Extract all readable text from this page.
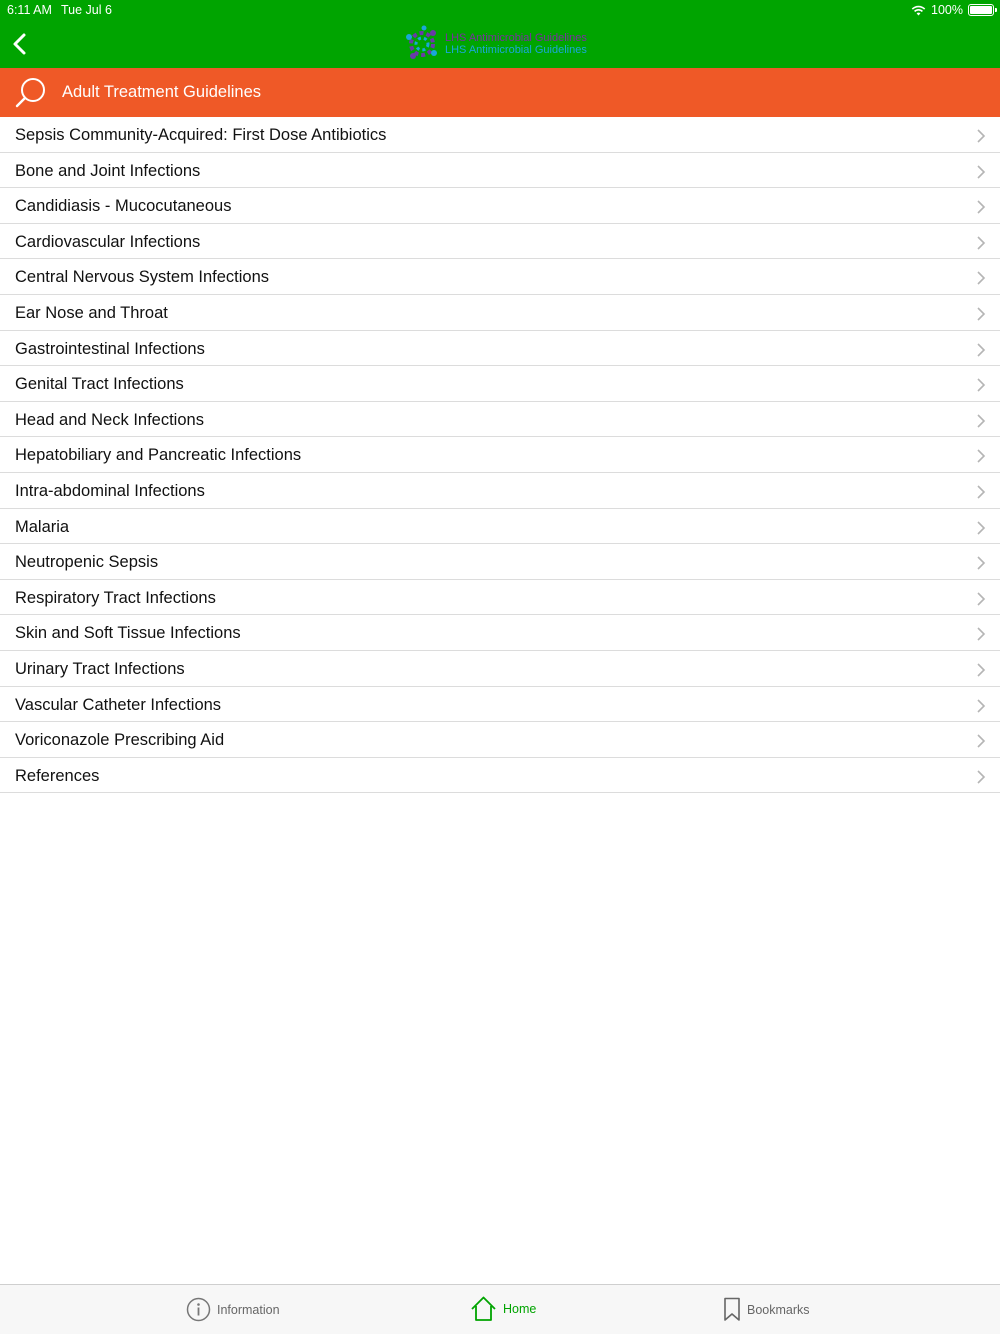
6:11 AM Tue Jul 6	100%
LHS Antimicrobial Guidelines
LHS Antimicrobial Guidelines
Adult Treatment Guidelines
Sepsis Community-Acquired: First Dose Antibiotics
Bone and Joint Infections
Candidiasis - Mucocutaneous
Cardiovascular Infections
Central Nervous System Infections
Ear Nose and Throat
Gastrointestinal Infections
Genital Tract Infections
Head and Neck Infections
Hepatobiliary and Pancreatic Infections
Intra-abdominal Infections
Malaria
Neutropenic Sepsis
Respiratory Tract Infections
Skin and Soft Tissue Infections
Urinary Tract Infections
Vascular Catheter Infections
Voriconazole Prescribing Aid
References
Information	Home	Bookmarks
